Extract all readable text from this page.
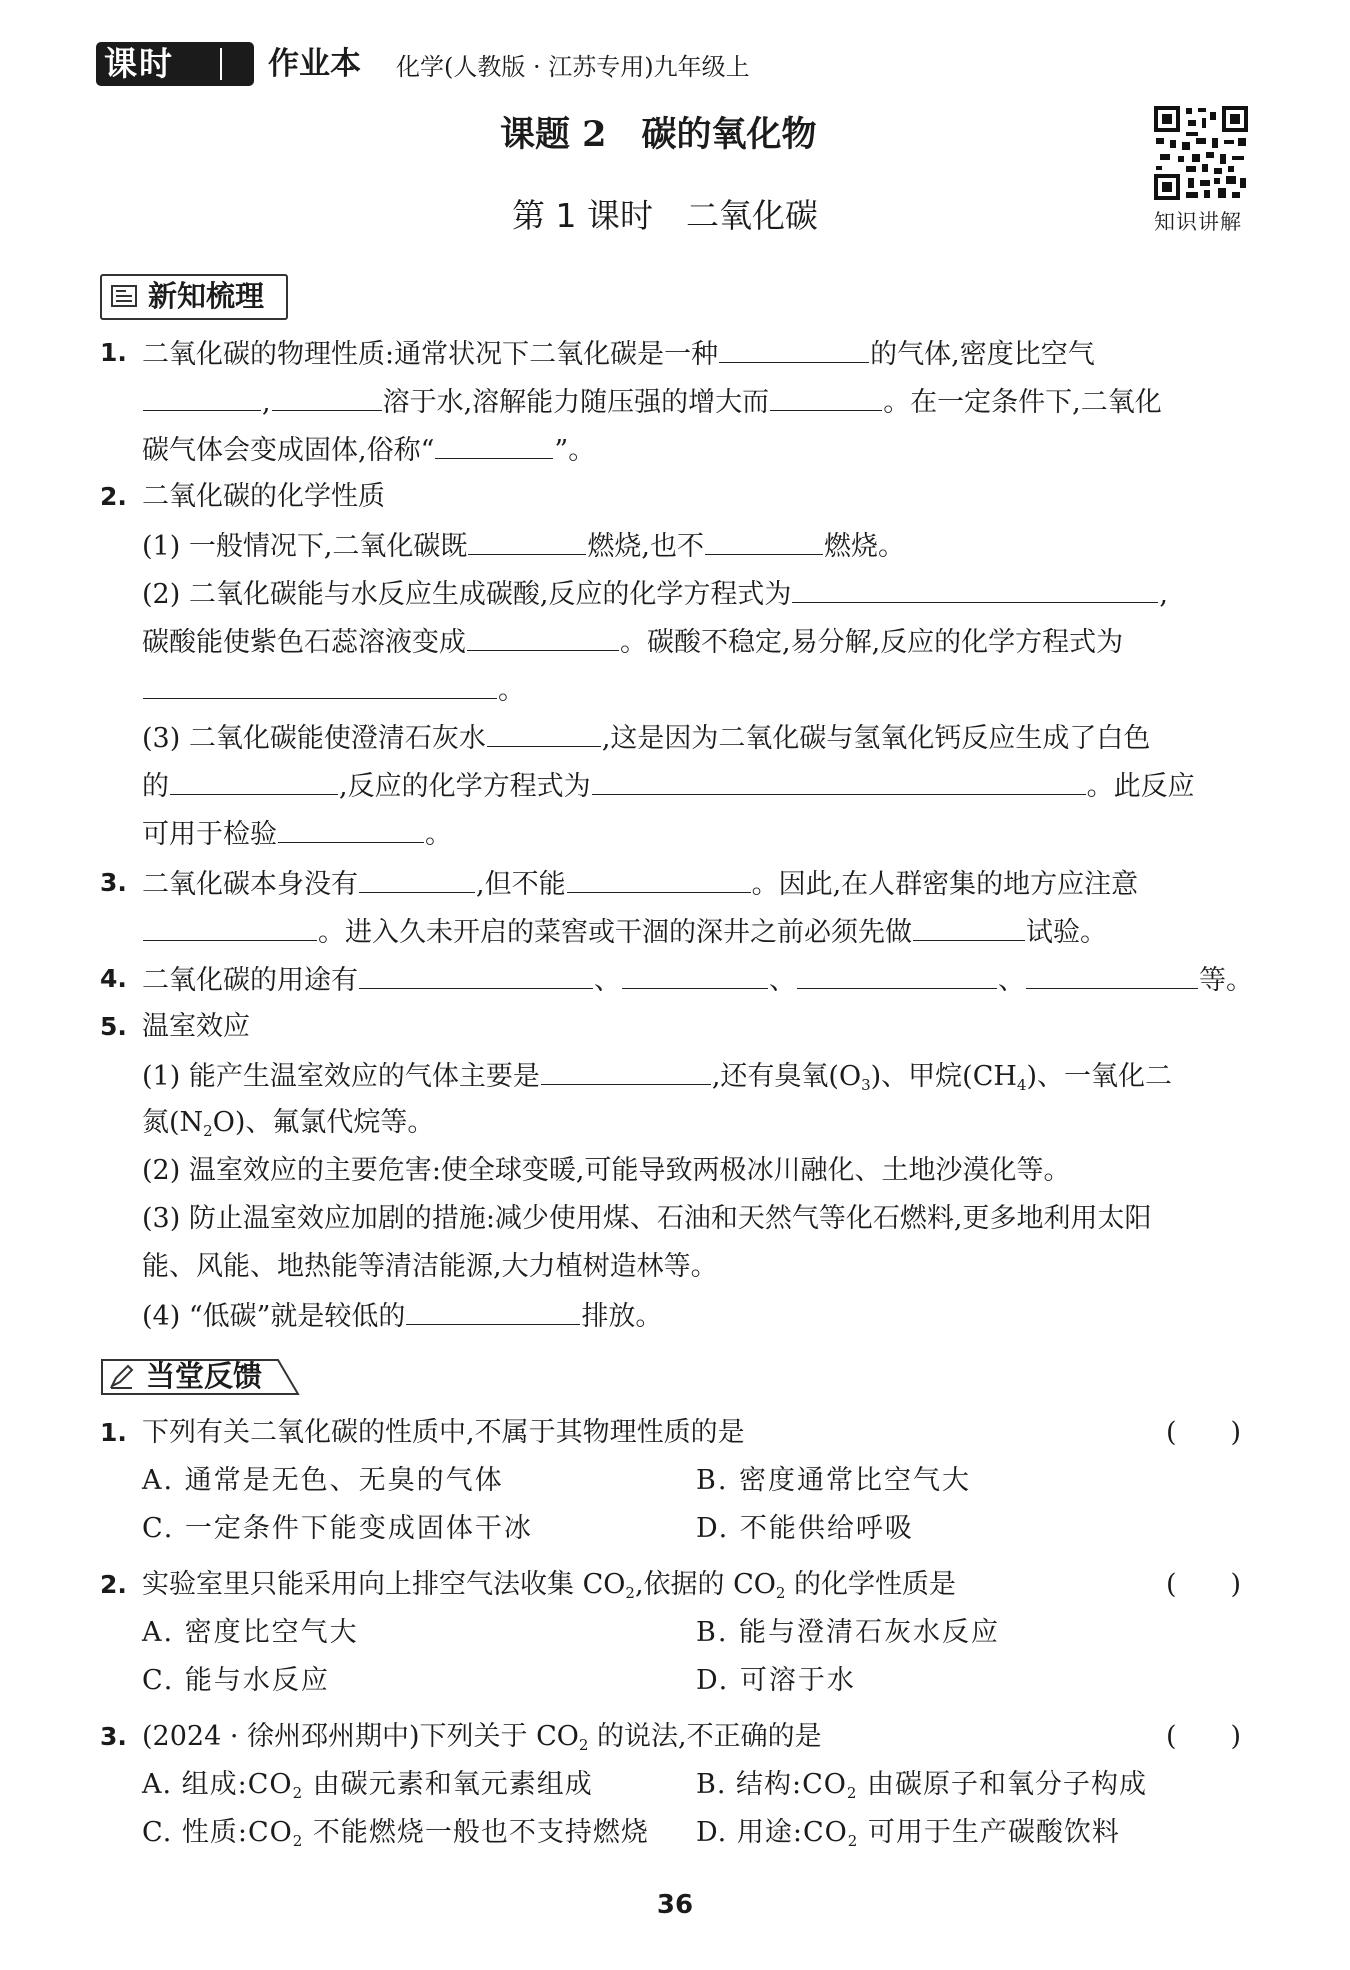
课时	作业本 化学(人教版 · 江苏专用)九年级上
课题 2　碳的氧化物
第 1 课时　二氧化碳	知识讲解
新知梳理
1. 二氧化碳的物理性质:通常状况下二氧化碳是一种	的气体,密度比空气
,	溶于水,溶解能力随压强的增大而	。在一定条件下,二氧化
碳气体会变成固体,俗称“	”。
2. 二氧化碳的化学性质
(1) 一般情况下,二氧化碳既	燃烧,也不	燃烧。
(2) 二氧化碳能与水反应生成碳酸,反应的化学方程式为	,
碳酸能使紫色石蕊溶液变成	。碳酸不稳定,易分解,反应的化学方程式为
。
(3) 二氧化碳能使澄清石灰水	,这是因为二氧化碳与氢氧化钙反应生成了白色
的	,反应的化学方程式为	。此反应
可用于检验	。
3. 二氧化碳本身没有	,但不能	。因此,在人群密集的地方应注意
。进入久未开启的菜窖或干涸的深井之前必须先做	试验。
4. 二氧化碳的用途有	、	、	、	等。
5. 温室效应
(1) 能产生温室效应的气体主要是	,还有臭氧$(O_3)$、甲烷$(CH_4)$、一氧化二
氮$(N_2O)$、氟氯代烷等。
(2) 温室效应的主要危害:使全球变暖,可能导致两极冰川融化、土地沙漠化等。
(3) 防止温室效应加剧的措施:减少使用煤、石油和天然气等化石燃料,更多地利用太阳
能、风能、地热能等清洁能源,大力植树造林等。
(4) “低碳”就是较低的	排放。
当堂反馈
1. 下列有关二氧化碳的性质中,不属于其物理性质的是	(　　)
A. 通常是无色、无臭的气体	B. 密度通常比空气大
C. 一定条件下能变成固体干冰	D. 不能供给呼吸
2. 实验室里只能采用向上排空气法收集 $CO_2$,依据的 $CO_2$ 的化学性质是	(　　)
A. 密度比空气大	B. 能与澄清石灰水反应
C. 能与水反应	D. 可溶于水
3. (2024 · 徐州邳州期中)下列关于 $CO_2$ 的说法,不正确的是	(　　)
A. 组成$:CO_2$ 由碳元素和氧元素组成	B. 结构$:CO_2$ 由碳原子和氧分子构成
C. 性质$:CO_2$ 不能燃烧一般也不支持燃烧 D. 用途$:CO_2$ 可用于生产碳酸饮料
36
